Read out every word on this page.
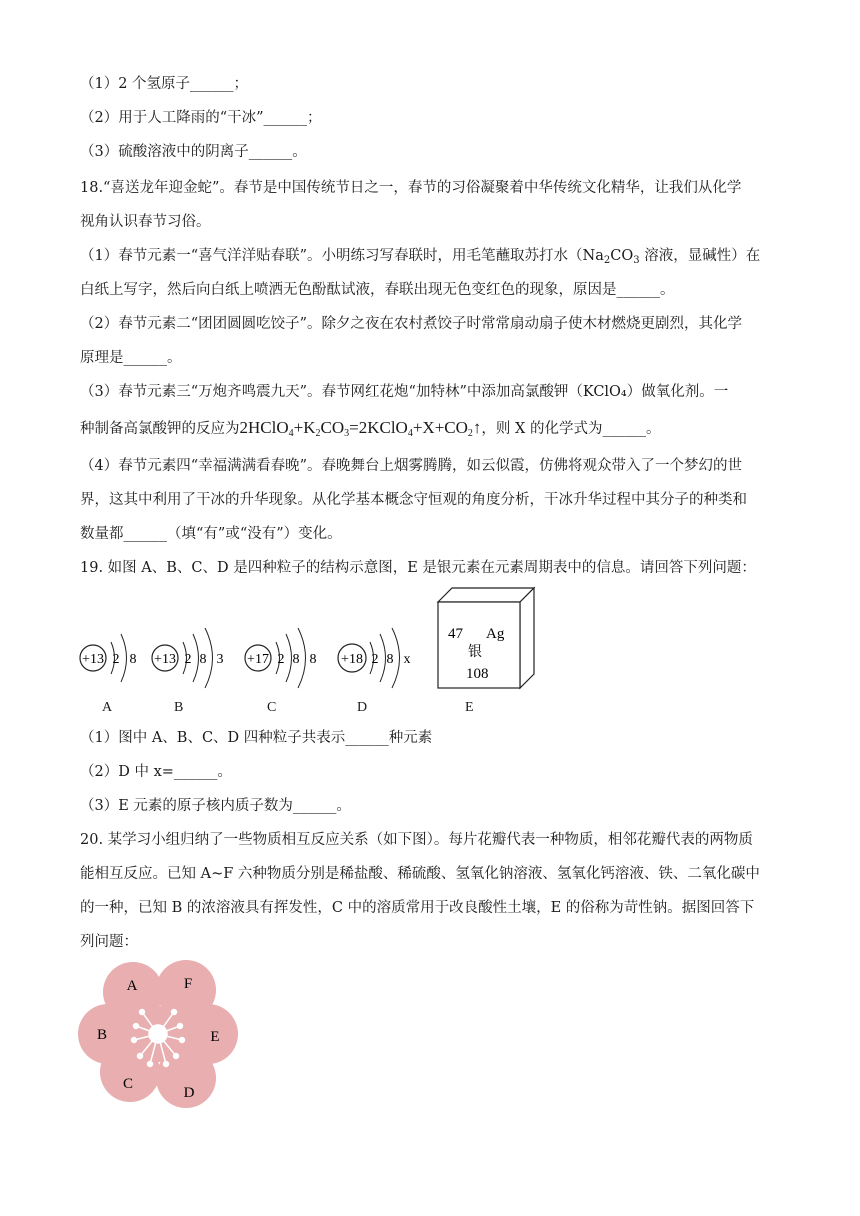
（1）2 个氢原子______；
（2）用于人工降雨的“干冰”______；
（3）硫酸溶液中的阴离子______。
18.“喜送龙年迎金蛇”。春节是中国传统节日之一，春节的习俗凝聚着中华传统文化精华，让我们从化学
视角认识春节习俗。
（1）春节元素一“喜气洋洋贴春联”。小明练习写春联时，用毛笔蘸取苏打水（$Na_2CO_3$ 溶液，显碱性）在
白纸上写字，然后向白纸上喷洒无色酚酞试液，春联出现无色变红色的现象，原因是______。
（2）春节元素二“团团圆圆吃饺子”。除夕之夜在农村煮饺子时常常扇动扇子使木材燃烧更剧烈，其化学
原理是______。
（3）春节元素三“万炮齐鸣震九天”。春节网红花炮“加特林”中添加高氯酸钾（KClO₄）做氧化剂。一
种制备高氯酸钾的反应为$2HClO_4+K_2CO_3=2KClO_4+X+CO_2↑$，则 X 的化学式为______。
（4）春节元素四“幸福满满看春晚”。春晚舞台上烟雾腾腾，如云似霞，仿佛将观众带入了一个梦幻的世
界，这其中利用了干冰的升华现象。从化学基本概念守恒观的角度分析，干冰升华过程中其分子的种类和
数量都______（填“有”或“没有”）变化。
19. 如图 A、B、C、D 是四种粒子的结构示意图，E 是银元素在元素周期表中的信息。请回答下列问题：
+13 2 8
A
+13 2 8 3
B
+17 2 8 8
C
+18 2 8 x
D
47 Ag
银
108
E
（1）图中 A、B、C、D 四种粒子共表示______种元素
（2）D 中 x=______。
（3）E 元素的原子核内质子数为______。
20. 某学习小组归纳了一些物质相互反应关系（如下图）。每片花瓣代表一种物质，相邻花瓣代表的两物质
能相互反应。已知 A~F 六种物质分别是稀盐酸、稀硫酸、氢氧化钠溶液、氢氧化钙溶液、铁、二氧化碳中
的一种，已知 B 的浓溶液具有挥发性，C 中的溶质常用于改良酸性土壤，E 的俗称为苛性钠。据图回答下
列问题：
A	F
E
D
C
B
